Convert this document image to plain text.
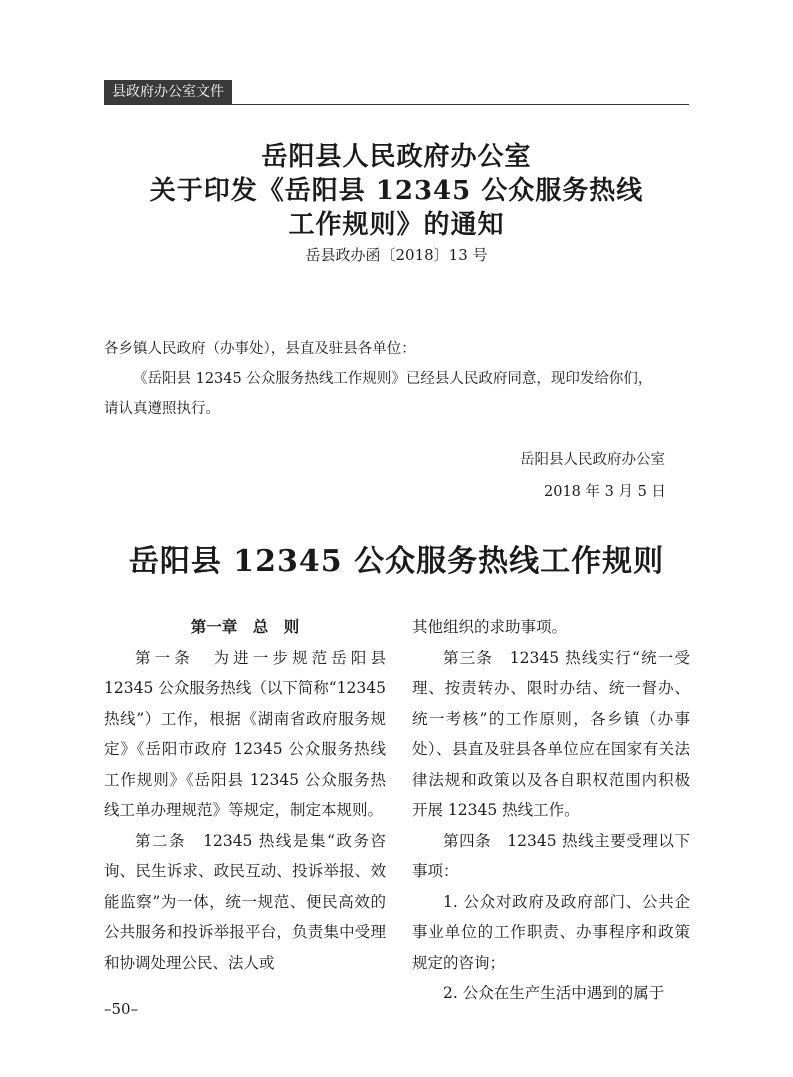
县政府办公室文件
岳阳县人民政府办公室
关于印发《岳阳县 12345 公众服务热线
工作规则》的通知
岳县政办函〔2018〕13 号
各乡镇人民政府（办事处），县直及驻县各单位：
《岳阳县 12345 公众服务热线工作规则》已经县人民政府同意，现印发给你们，
请认真遵照执行。
岳阳县人民政府办公室
2018 年 3 月 5 日
岳阳县 12345 公众服务热线工作规则

第一章　总　则

第一条　为进一步规范岳阳县 12345 公众服务热线（以下简称“12345 热线”）工作，根据《湖南省政府服务规定》《岳阳市政府 12345 公众服务热线工作规则》《岳阳县 12345 公众服务热线工单办理规范》等规定，制定本规则。

第二条　12345 热线是集“政务咨询、民生诉求、政民互动、投诉举报、效能监察”为一体，统一规范、便民高效的公共服务和投诉举报平台，负责集中受理和协调处理公民、法人或

其他组织的求助事项。

第三条　12345 热线实行“统一受理、按责转办、限时办结、统一督办、统一考核”的工作原则，各乡镇（办事处）、县直及驻县各单位应在国家有关法律法规和政策以及各自职权范围内积极开展 12345 热线工作。

第四条　12345 热线主要受理以下事项：

1. 公众对政府及政府部门、公共企事业单位的工作职责、办事程序和政策规定的咨询；

2. 公众在生产生活中遇到的属于

–50–
